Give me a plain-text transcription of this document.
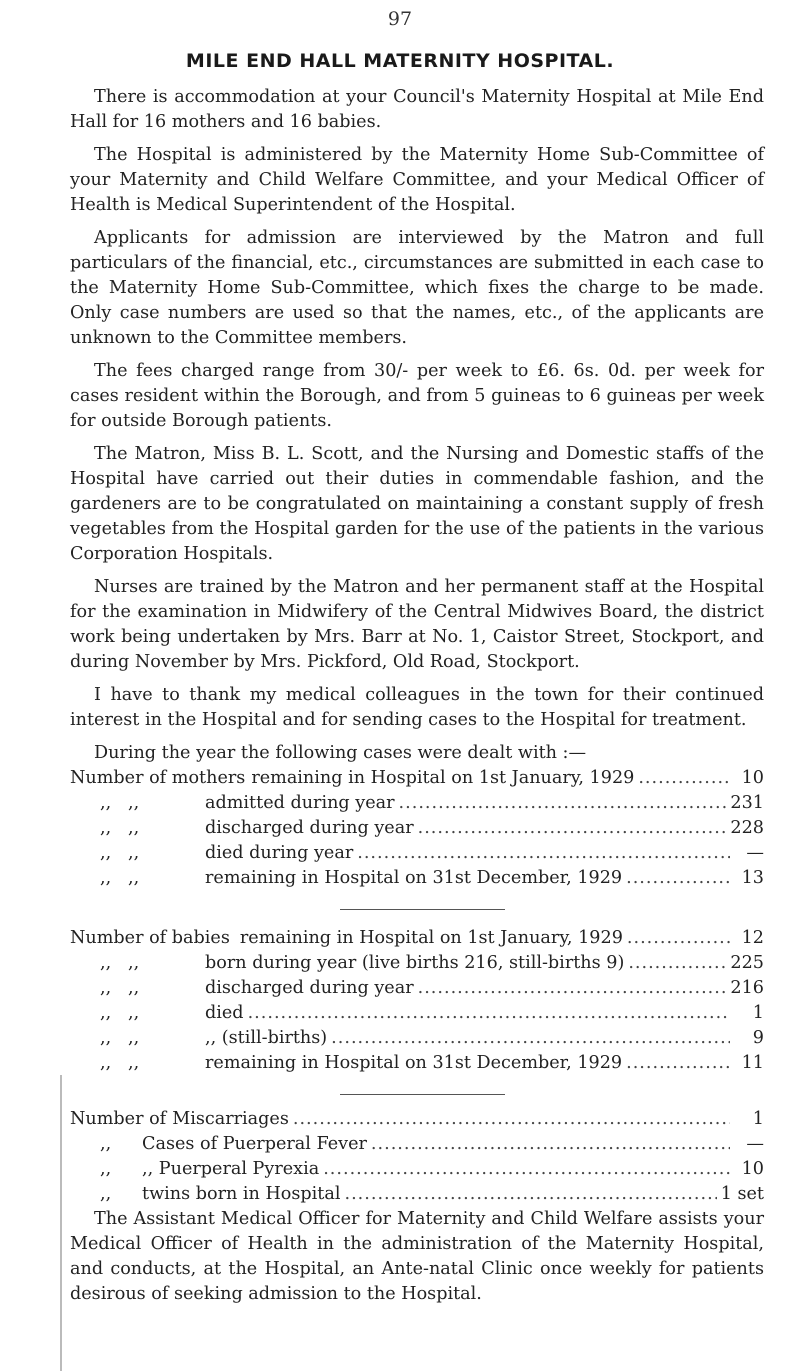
97
MILE END HALL MATERNITY HOSPITAL.

There is accommodation at your Council's Maternity Hospital at Mile End Hall for 16 mothers and 16 babies.

The Hospital is administered by the Maternity Home Sub-Committee of your Maternity and Child Welfare Committee, and your Medical Officer of Health is Medical Superintendent of the Hospital.

Applicants for admission are interviewed by the Matron and full particulars of the financial, etc., circumstances are submitted in each case to the Maternity Home Sub-Committee, which fixes the charge to be made. Only case numbers are used so that the names, etc., of the applicants are unknown to the Committee members.

The fees charged range from 30/- per week to £6. 6s. 0d. per week for cases resident within the Borough, and from 5 guineas to 6 guineas per week for outside Borough patients.

The Matron, Miss B. L. Scott, and the Nursing and Domestic staffs of the Hospital have carried out their duties in commendable fashion, and the gardeners are to be congratulated on maintaining a constant supply of fresh vegetables from the Hospital garden for the use of the patients in the various Corporation Hospitals.

Nurses are trained by the Matron and her permanent staff at the Hospital for the examination in Midwifery of the Central Midwives Board, the district work being undertaken by Mrs. Barr at No. 1, Caistor Street, Stockport, and during November by Mrs. Pickford, Old Road, Stockport.

I have to thank my medical colleagues in the town for their continued interest in the Hospital and for sending cases to the Hospital for treatment.

During the year the following cases were dealt with :—

Number of mothers remaining in Hospital on 1st January, 1929 .....	10
,, ,,	admitted during year .....	231
,, ,,	discharged during year .....	228
,, ,,	died during year .....	—
,, ,,	remaining in Hospital on 31st December, 1929 .....	13
Number of babies remaining in Hospital on 1st January, 1929 .....	12
,, ,,	born during year (live births 216, still-births 9) .....	225
,, ,,	discharged during year .....	216
,, ,,	died .....	1
,, ,,	,, (still-births) .....	9
,, ,,	remaining in Hospital on 31st December, 1929 .....	11
Number of Miscarriages .....	1
,,	Cases of Puerperal Fever .....	—
,,	,, Puerperal Pyrexia .....	10
,,	twins born in Hospital .....	1 set

The Assistant Medical Officer for Maternity and Child Welfare assists your Medical Officer of Health in the administration of the Maternity Hospital, and conducts, at the Hospital, an Ante-natal Clinic once weekly for patients desirous of seeking admission to the Hospital.
